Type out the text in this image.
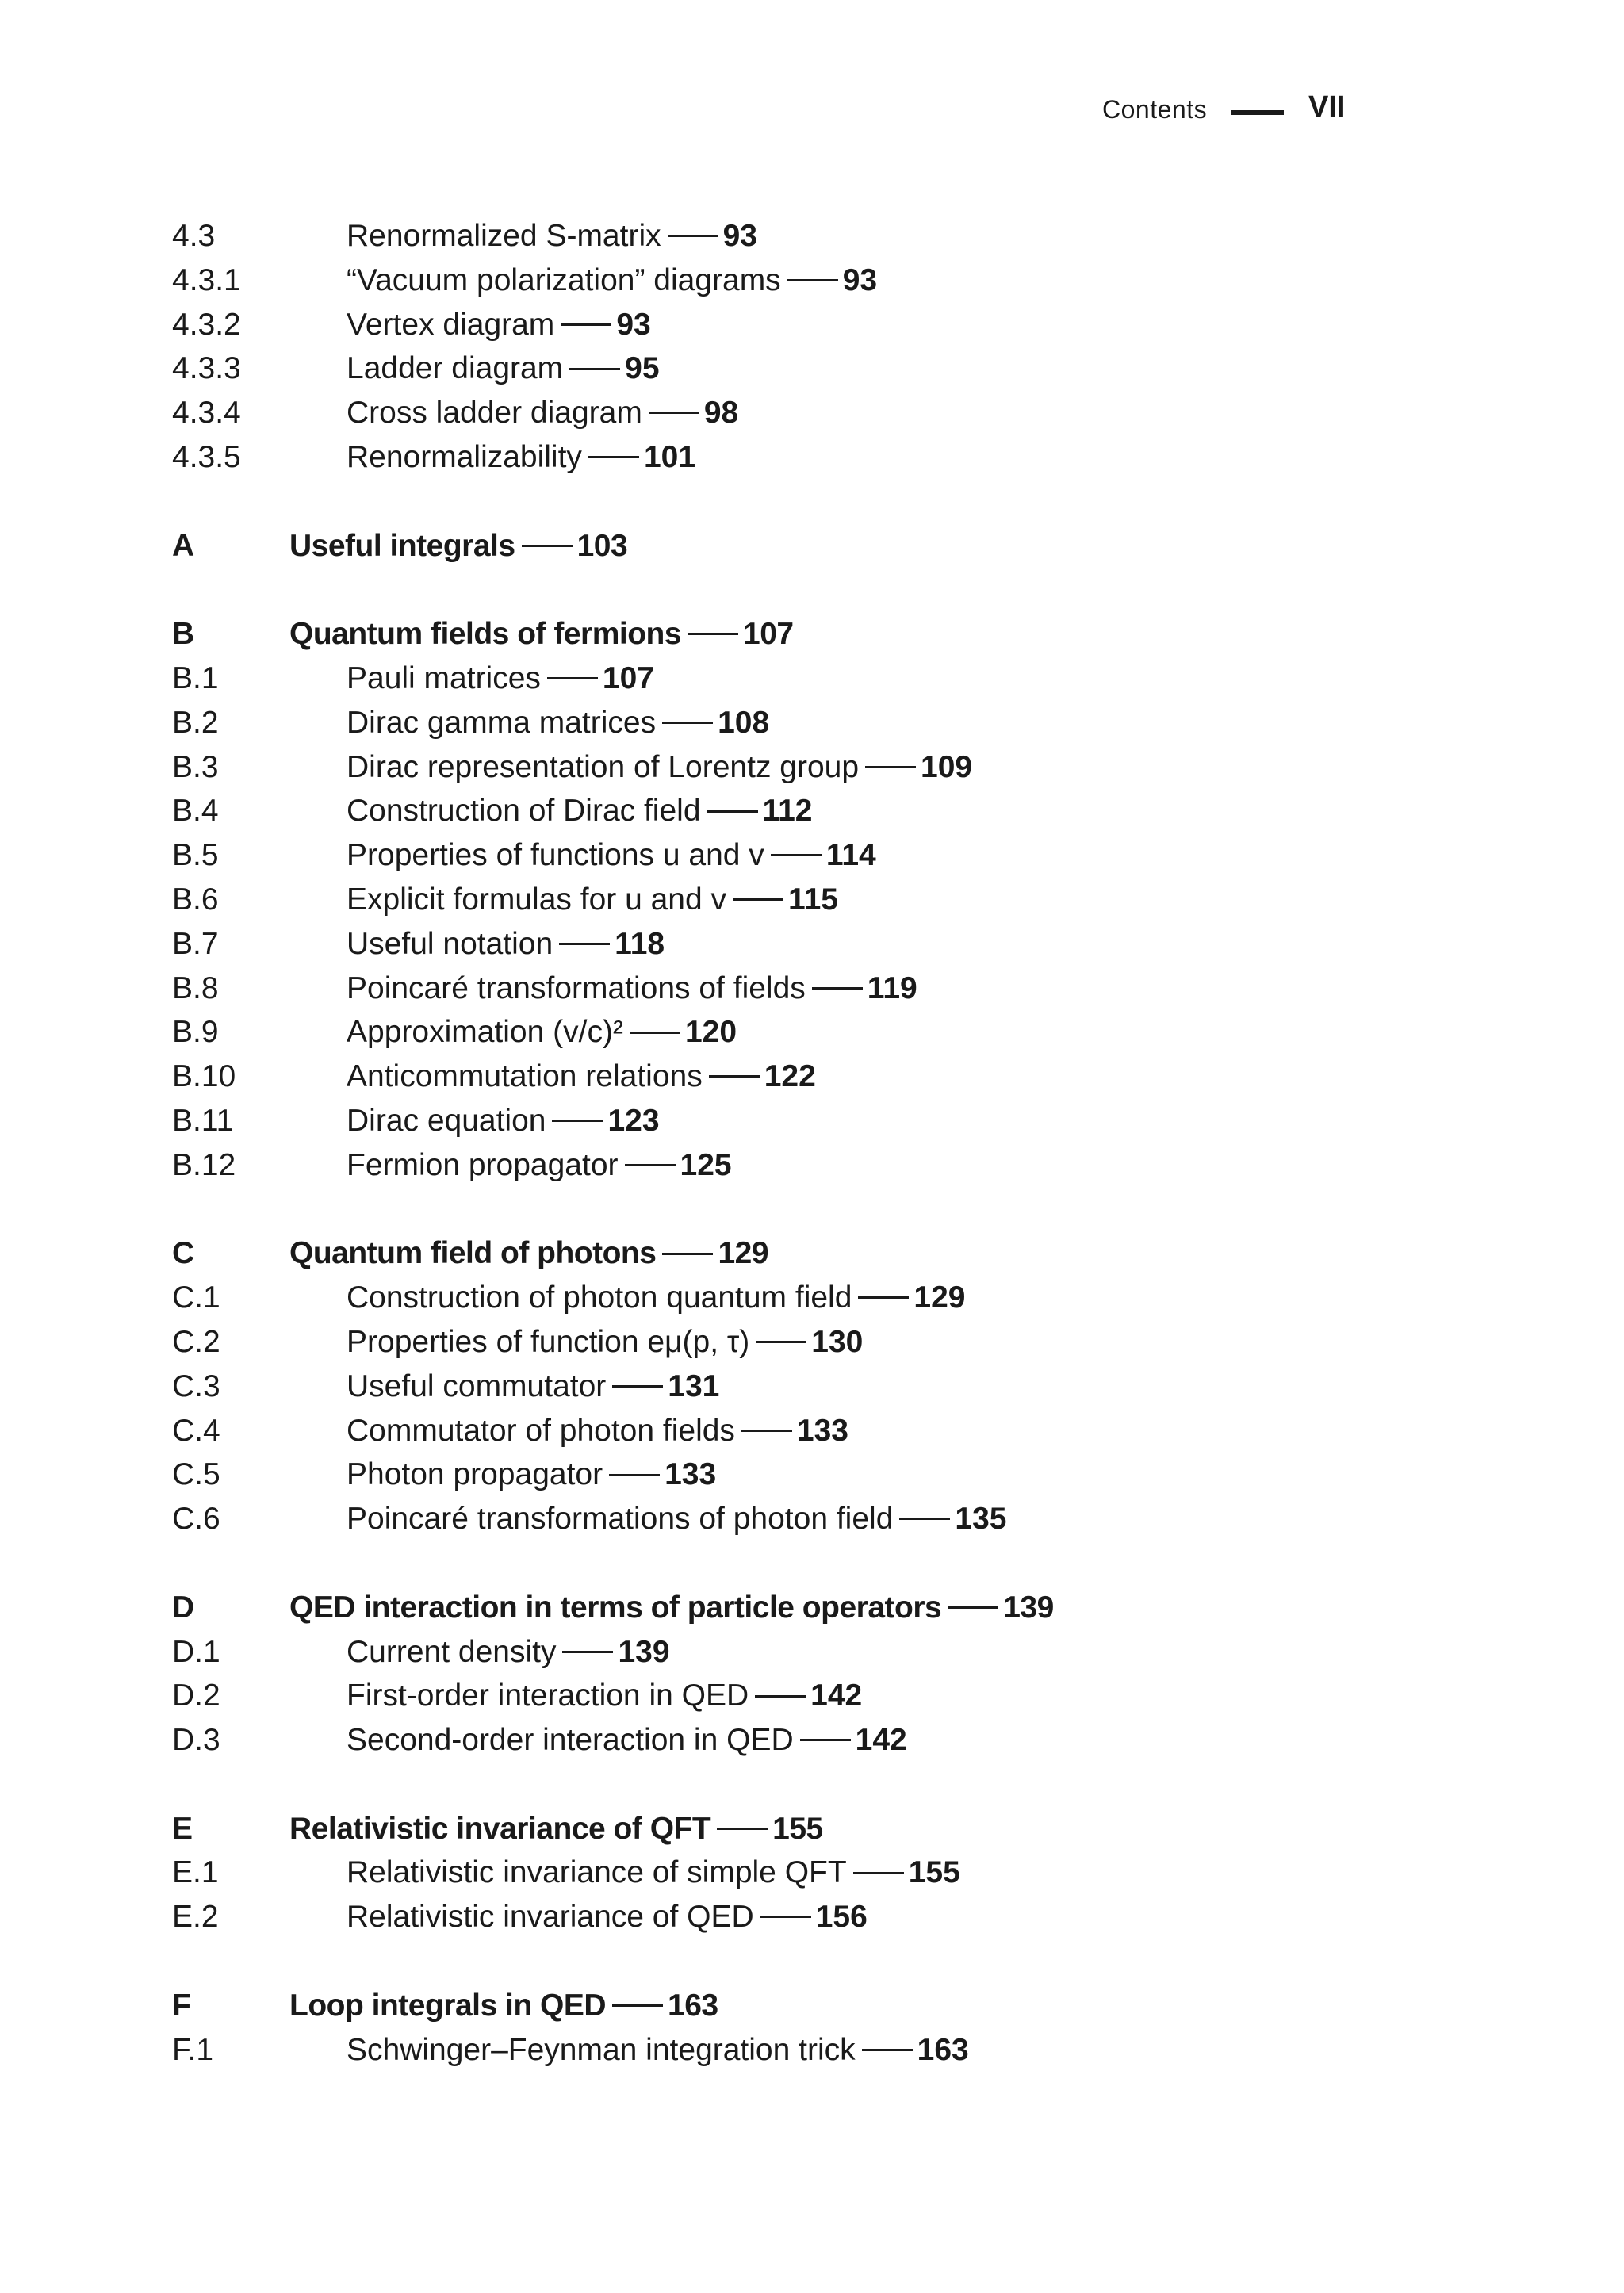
Contents	VII
4.3	Renormalized S-matrix 93
4.3.1	“Vacuum polarization” diagrams 93
4.3.2	Vertex diagram 93
4.3.3	Ladder diagram 95
4.3.4	Cross ladder diagram 98
4.3.5	Renormalizability 101
A	Useful integrals 103
B	Quantum fields of fermions 107
B.1	Pauli matrices 107
B.2	Dirac gamma matrices 108
B.3	Dirac representation of Lorentz group 109
B.4	Construction of Dirac field 112
B.5	Properties of functions u and v 114
B.6	Explicit formulas for u and v 115
B.7	Useful notation 118
B.8	Poincaré transformations of fields 119
B.9	Approximation (v/c)² 120
B.10	Anticommutation relations 122
B.11	Dirac equation 123
B.12	Fermion propagator 125
C	Quantum field of photons 129
C.1	Construction of photon quantum field 129
C.2	Properties of function eμ(p, τ) 130
C.3	Useful commutator 131
C.4	Commutator of photon fields 133
C.5	Photon propagator 133
C.6	Poincaré transformations of photon field 135
D	QED interaction in terms of particle operators 139
D.1	Current density 139
D.2	First-order interaction in QED 142
D.3	Second-order interaction in QED 142
E	Relativistic invariance of QFT 155
E.1	Relativistic invariance of simple QFT 155
E.2	Relativistic invariance of QED 156
F	Loop integrals in QED 163
F.1	Schwinger–Feynman integration trick 163
